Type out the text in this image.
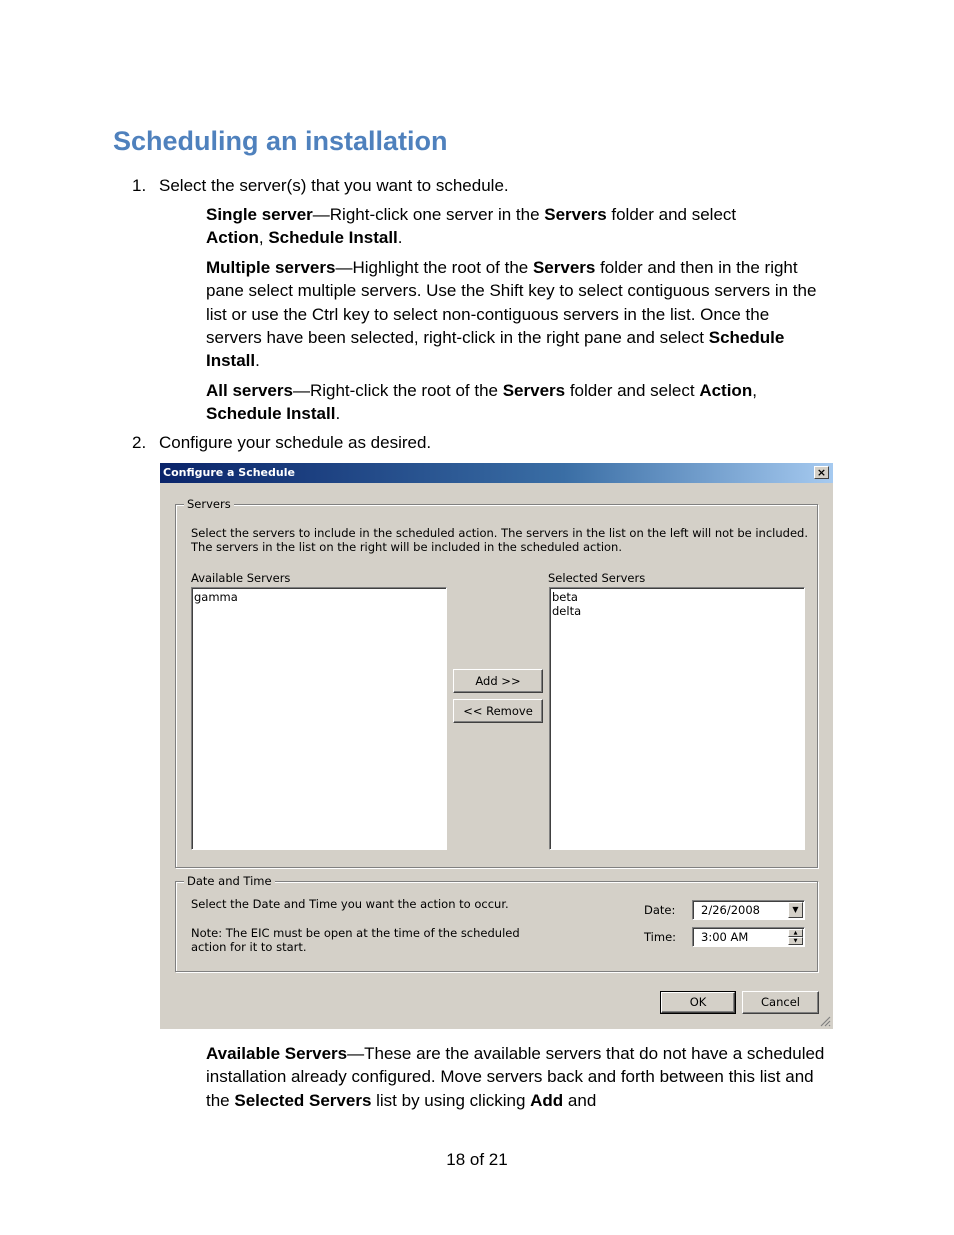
Scheduling an installation
1. Select the server(s) that you want to schedule.
Single server—Right-click one server in the Servers folder and select
Action, Schedule Install.
Multiple servers—Highlight the root of the Servers folder and then in the right pane select multiple servers. Use the Shift key to select contiguous servers in the list or use the Ctrl key to select non-contiguous servers in the list. Once the servers have been selected, right-click in the right pane and select Schedule Install.
All servers—Right-click the root of the Servers folder and select Action,
Schedule Install.
2. Configure your schedule as desired.
Configure a Schedule	×
Servers
Select the servers to include in the scheduled action. The servers in the list on the left will not be included.
The servers in the list on the right will be included in the scheduled action.
Available Servers
gamma
Add >>
<< Remove
Selected Servers
beta
delta
Date and Time
Select the Date and Time you want the action to occur.
Note: The EIC must be open at the time of the scheduled
action for it to start.
Date:	2/26/2008	▼
Time:	3:00 AM	▲
▼
OK	Cancel
Available Servers—These are the available servers that do not have a scheduled installation already configured. Move servers back and forth between this list and the Selected Servers list by using clicking Add and
18 of 21
